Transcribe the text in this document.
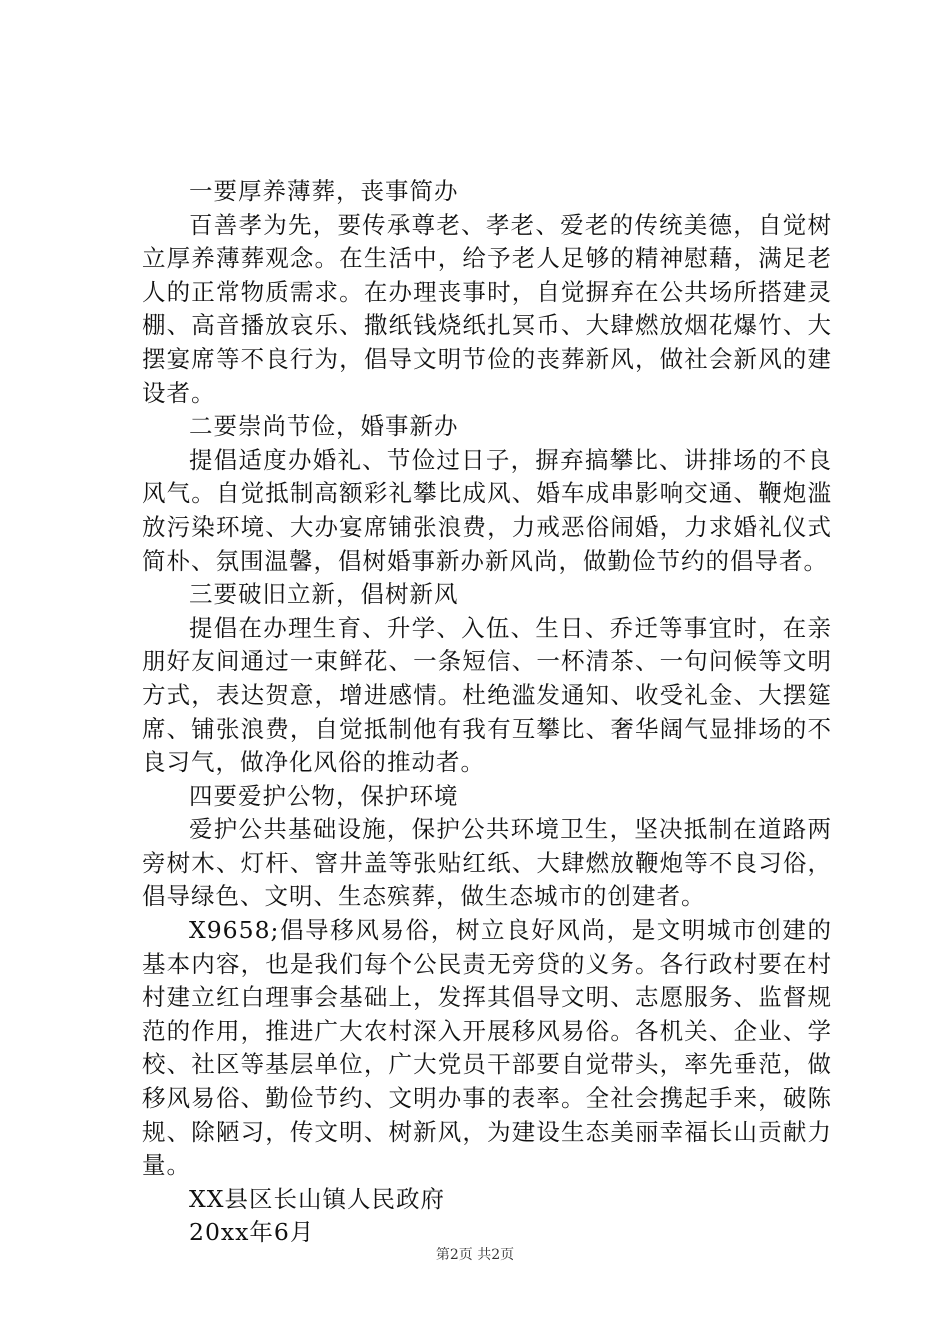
一要厚养薄葬，丧事简办

百善孝为先，要传承尊老、孝老、爱老的传统美德，自觉树立厚养薄葬观念。在生活中，给予老人足够的精神慰藉，满足老人的正常物质需求。在办理丧事时，自觉摒弃在公共场所搭建灵棚、高音播放哀乐、撒纸钱烧纸扎冥币、大肆燃放烟花爆竹、大摆宴席等不良行为，倡导文明节俭的丧葬新风，做社会新风的建设者。

二要崇尚节俭，婚事新办

提倡适度办婚礼、节俭过日子，摒弃搞攀比、讲排场的不良风气。自觉抵制高额彩礼攀比成风、婚车成串影响交通、鞭炮滥放污染环境、大办宴席铺张浪费，力戒恶俗闹婚，力求婚礼仪式简朴、氛围温馨，倡树婚事新办新风尚，做勤俭节约的倡导者。

三要破旧立新，倡树新风

提倡在办理生育、升学、入伍、生日、乔迁等事宜时，在亲朋好友间通过一束鲜花、一条短信、一杯清茶、一句问候等文明方式，表达贺意，增进感情。杜绝滥发通知、收受礼金、大摆筵席、铺张浪费，自觉抵制他有我有互攀比、奢华阔气显排场的不良习气，做净化风俗的推动者。

四要爱护公物，保护环境

爱护公共基础设施，保护公共环境卫生，坚决抵制在道路两旁树木、灯杆、窨井盖等张贴红纸、大肆燃放鞭炮等不良习俗，倡导绿色、文明、生态殡葬，做生态城市的创建者。

X9658;倡导移风易俗，树立良好风尚，是文明城市创建的基本内容，也是我们每个公民责无旁贷的义务。各行政村要在村村建立红白理事会基础上，发挥其倡导文明、志愿服务、监督规范的作用，推进广大农村深入开展移风易俗。各机关、企业、学校、社区等基层单位，广大党员干部要自觉带头，率先垂范，做移风易俗、勤俭节约、文明办事的表率。全社会携起手来，破陈规、除陋习，传文明、树新风，为建设生态美丽幸福长山贡献力量。

XX县区长山镇人民政府

20xx年6月

第2页 共2页
